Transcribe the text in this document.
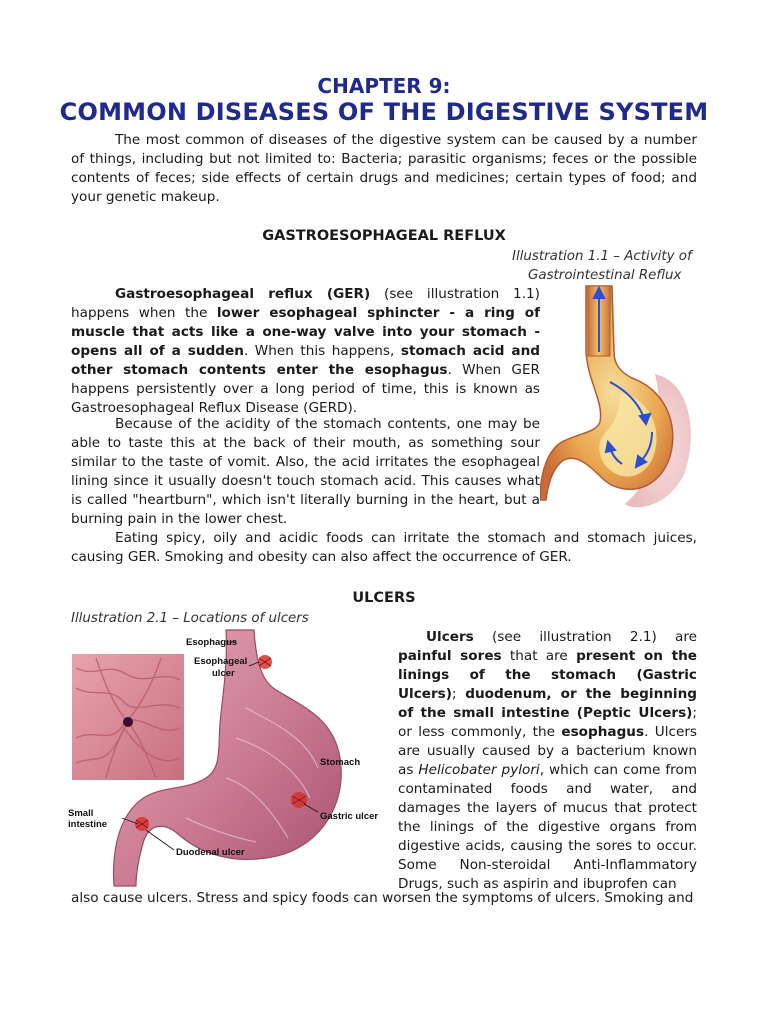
CHAPTER 9:
COMMON DISEASES OF THE DIGESTIVE SYSTEM
The most common of diseases of the digestive system can be caused by a number of things, including but not limited to: Bacteria; parasitic organisms; feces or the possible contents of feces; side effects of certain drugs and medicines; certain types of food; and your genetic makeup.
GASTROESOPHAGEAL REFLUX
Illustration 1.1 – Activity of
Gastrointestinal Reflux
Gastroesophageal reflux (GER) (see illustration 1.1) happens when the lower esophageal sphincter - a ring of muscle that acts like a one-way valve into your stomach - opens all of a sudden. When this happens, stomach acid and other stomach contents enter the esophagus. When GER happens persistently over a long period of time, this is known as Gastroesophageal Reflux Disease (GERD).
Because of the acidity of the stomach contents, one may be able to taste this at the back of their mouth, as something sour similar to the taste of vomit. Also, the acid irritates the esophageal lining since it usually doesn't touch stomach acid. This causes what is called "heartburn", which isn't literally burning in the heart, but a burning pain in the lower chest.
Eating spicy, oily and acidic foods can irritate the stomach and stomach juices, causing GER. Smoking and obesity can also affect the occurrence of GER.
ULCERS
Illustration 2.1 – Locations of ulcers
Esophagus
Esophageal
ulcer
Stomach
Gastric ulcer
Small
intestine
Duodenal ulcer
Ulcers (see illustration 2.1) are painful sores that are present on the linings of the stomach (Gastric Ulcers); duodenum, or the beginning of the small intestine (Peptic Ulcers); or less commonly, the esophagus. Ulcers are usually caused by a bacterium known as Helicobater pylori, which can come from contaminated foods and water, and damages the layers of mucus that protect the linings of the digestive organs from digestive acids, causing the sores to occur. Some Non-steroidal Anti-Inflammatory Drugs, such as aspirin and ibuprofen can
also cause ulcers. Stress and spicy foods can worsen the symptoms of ulcers. Smoking and
